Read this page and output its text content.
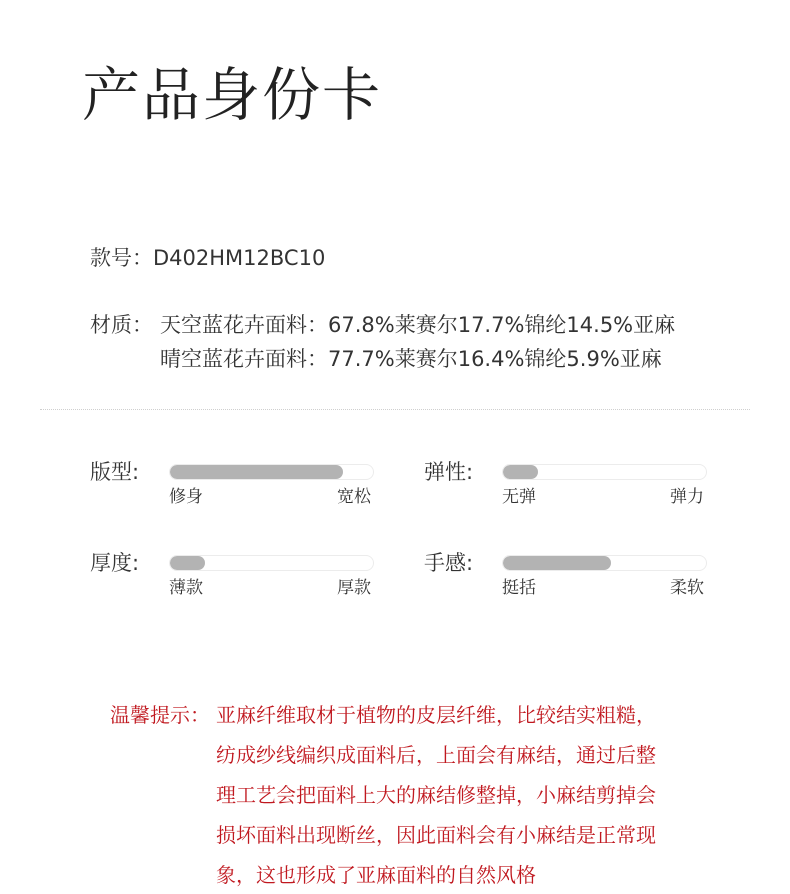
产品身份卡
款号：D402HM12BC10
材质： 天空蓝花卉面料：67.8%莱赛尔17.7%锦纶14.5%亚麻
晴空蓝花卉面料：77.7%莱赛尔16.4%锦纶5.9%亚麻
版型:
修身	宽松
弹性:
无弹	弹力
厚度:
薄款	厚款
手感:
挺括	柔软
温馨提示： 亚麻纤维取材于植物的皮层纤维，比较结实粗糙，
纺成纱线编织成面料后，上面会有麻结，通过后整
理工艺会把面料上大的麻结修整掉，小麻结剪掉会
损坏面料出现断丝，因此面料会有小麻结是正常现
象，这也形成了亚麻面料的自然风格
